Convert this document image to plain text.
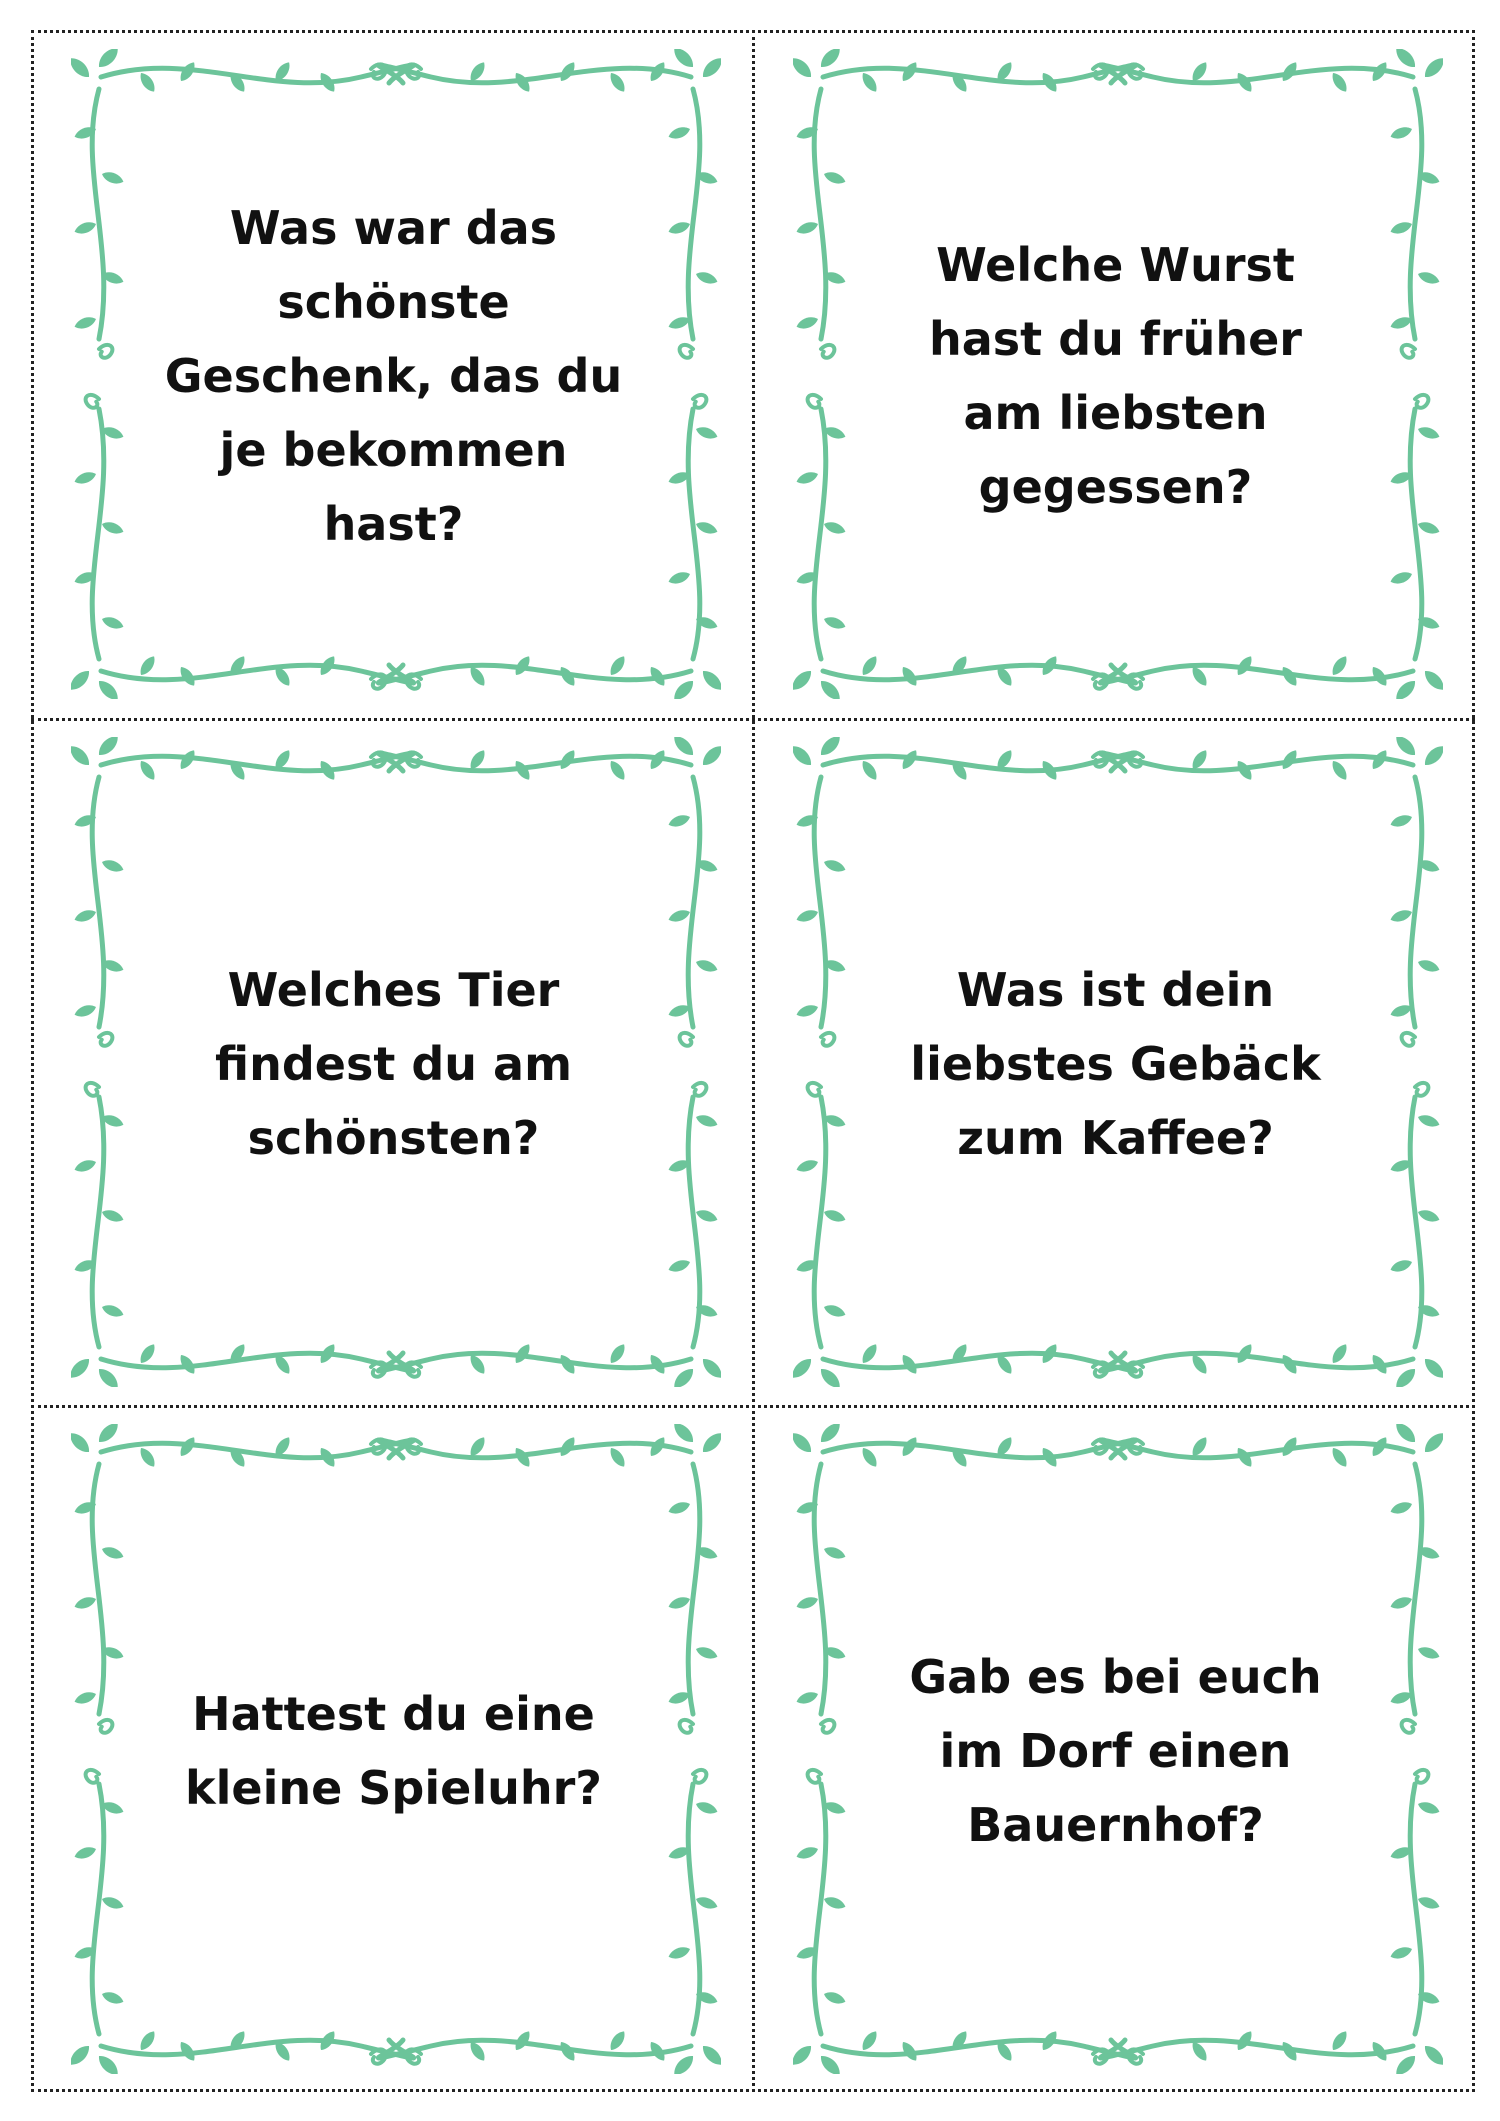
Was war das
schönste
Geschenk, das du
je bekommen
hast?
Welche Wurst
hast du früher
am liebsten
gegessen?
Welches Tier
findest du am
schönsten?
Was ist dein
liebstes Gebäck
zum Kaffee?
Hattest du eine
kleine Spieluhr?
Gab es bei euch
im Dorf einen
Bauernhof?
